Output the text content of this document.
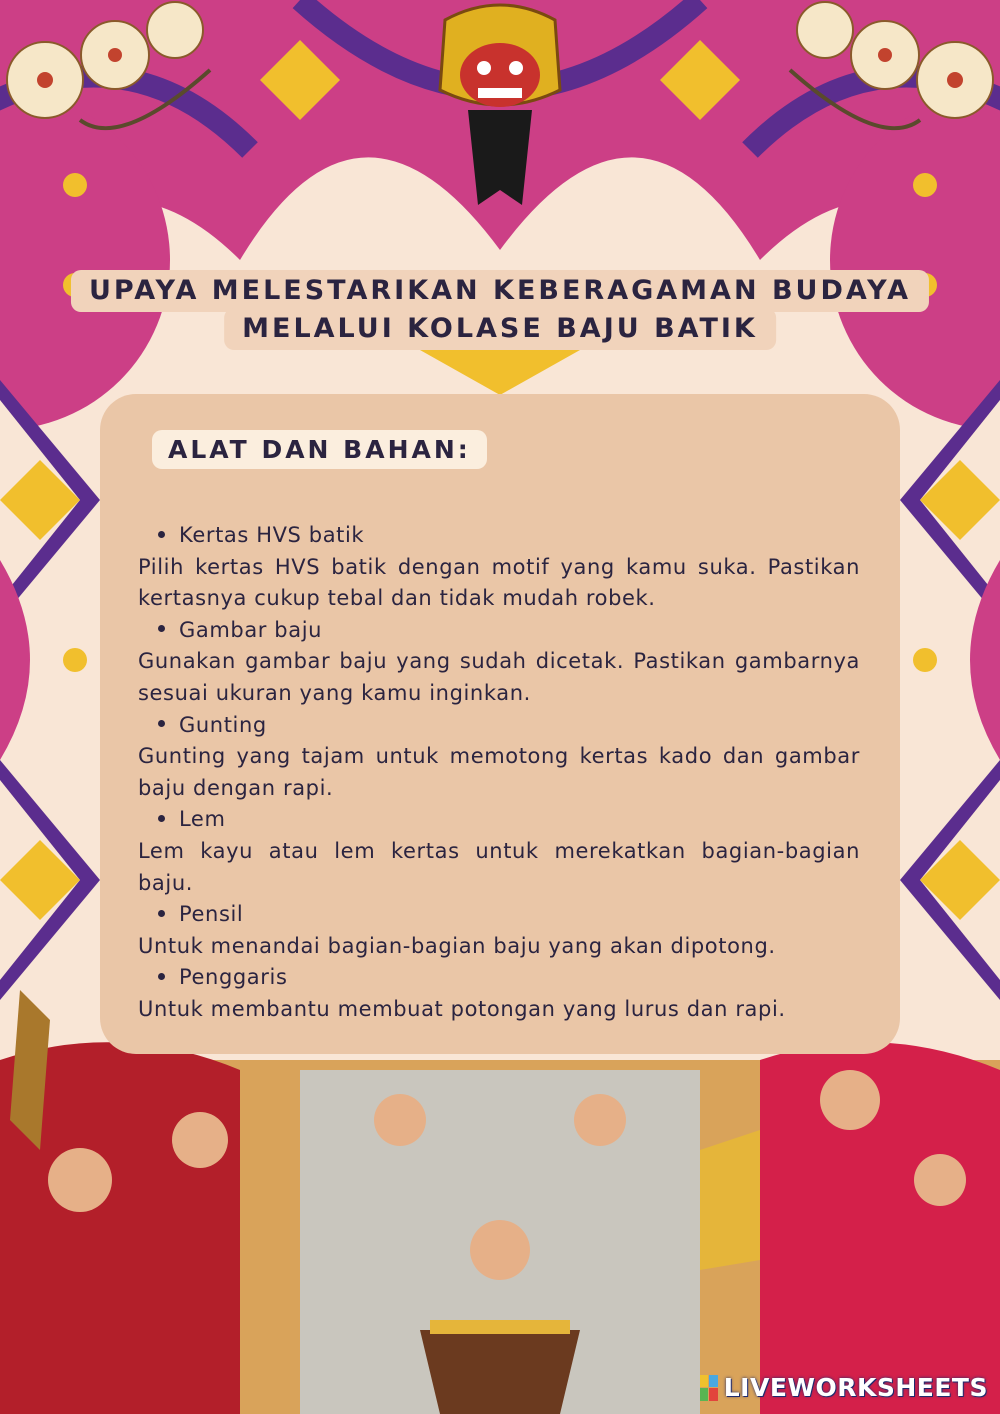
UPAYA MELESTARIKAN KEBERAGAMAN BUDAYA
MELALUI KOLASE BAJU BATIK
ALAT DAN BAHAN:
Kertas HVS batik
Pilih kertas HVS batik dengan motif yang kamu suka. Pastikan kertasnya cukup tebal dan tidak mudah robek.
Gambar baju
Gunakan gambar baju yang sudah dicetak. Pastikan gambarnya sesuai ukuran yang kamu inginkan.
Gunting
Gunting yang tajam untuk memotong kertas kado dan gambar baju dengan rapi.
Lem
Lem kayu atau lem kertas untuk merekatkan bagian-bagian baju.
Pensil
Untuk menandai bagian-bagian baju yang akan dipotong.
Penggaris
Untuk membantu membuat potongan yang lurus dan rapi.
LIVEWORKSHEETS
